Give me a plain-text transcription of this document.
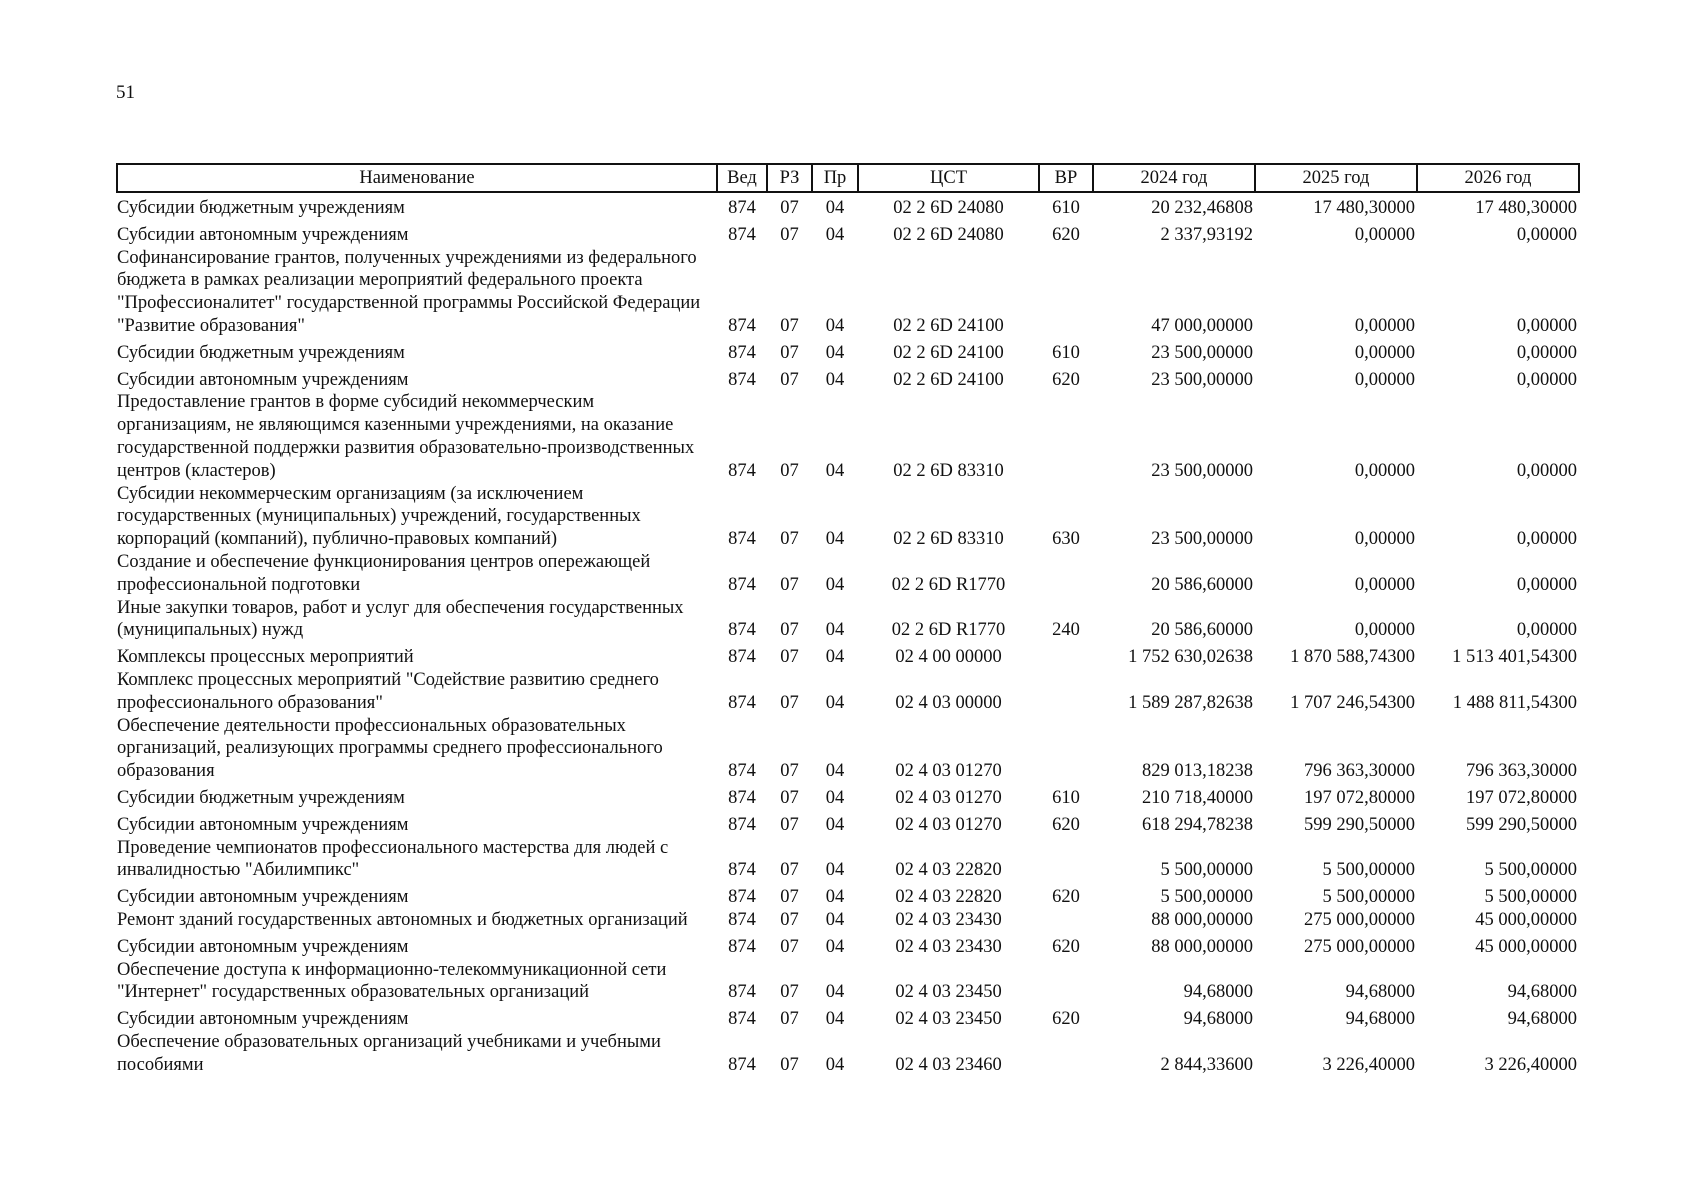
51
Наименование	Вед	РЗ	Пр	ЦСТ	ВР	2024 год	2025 год	2026 год
Субсидии бюджетным учреждениям	874	07	04	02 2 6D 24080	610	20 232,46808	17 480,30000	17 480,30000
Субсидии автономным учреждениям	874	07	04	02 2 6D 24080	620	2 337,93192	0,00000	0,00000
Софинансирование грантов, полученных учреждениями из федерального бюджета в рамках реализации мероприятий федерального проекта "Профессионалитет" государственной программы Российской Федерации "Развитие образования"	874	07	04	02 2 6D 24100		47 000,00000	0,00000	0,00000
Субсидии бюджетным учреждениям	874	07	04	02 2 6D 24100	610	23 500,00000	0,00000	0,00000
Субсидии автономным учреждениям	874	07	04	02 2 6D 24100	620	23 500,00000	0,00000	0,00000
Предоставление грантов в форме субсидий некоммерческим организациям, не являющимся казенными учреждениями, на оказание государственной поддержки развития образовательно-производственных центров (кластеров)	874	07	04	02 2 6D 83310		23 500,00000	0,00000	0,00000
Субсидии некоммерческим организациям (за исключением государственных (муниципальных) учреждений, государственных корпораций (компаний), публично-правовых компаний)	874	07	04	02 2 6D 83310	630	23 500,00000	0,00000	0,00000
Создание и обеспечение функционирования центров опережающей профессиональной подготовки	874	07	04	02 2 6D R1770		20 586,60000	0,00000	0,00000
Иные закупки товаров, работ и услуг для обеспечения государственных (муниципальных) нужд	874	07	04	02 2 6D R1770	240	20 586,60000	0,00000	0,00000
Комплексы процессных мероприятий	874	07	04	02 4 00 00000		1 752 630,02638	1 870 588,74300	1 513 401,54300
Комплекс процессных мероприятий "Содействие развитию среднего профессионального образования"	874	07	04	02 4 03 00000		1 589 287,82638	1 707 246,54300	1 488 811,54300
Обеспечение деятельности профессиональных образовательных организаций, реализующих программы среднего профессионального образования	874	07	04	02 4 03 01270		829 013,18238	796 363,30000	796 363,30000
Субсидии бюджетным учреждениям	874	07	04	02 4 03 01270	610	210 718,40000	197 072,80000	197 072,80000
Субсидии автономным учреждениям	874	07	04	02 4 03 01270	620	618 294,78238	599 290,50000	599 290,50000
Проведение чемпионатов профессионального мастерства для людей с инвалидностью "Абилимпикс"	874	07	04	02 4 03 22820		5 500,00000	5 500,00000	5 500,00000
Субсидии автономным учреждениям	874	07	04	02 4 03 22820	620	5 500,00000	5 500,00000	5 500,00000
Ремонт зданий государственных автономных и бюджетных организаций	874	07	04	02 4 03 23430		88 000,00000	275 000,00000	45 000,00000
Субсидии автономным учреждениям	874	07	04	02 4 03 23430	620	88 000,00000	275 000,00000	45 000,00000
Обеспечение доступа к информационно-телекоммуникационной сети "Интернет" государственных образовательных организаций	874	07	04	02 4 03 23450		94,68000	94,68000	94,68000
Субсидии автономным учреждениям	874	07	04	02 4 03 23450	620	94,68000	94,68000	94,68000
Обеспечение образовательных организаций учебниками и учебными пособиями	874	07	04	02 4 03 23460		2 844,33600	3 226,40000	3 226,40000
